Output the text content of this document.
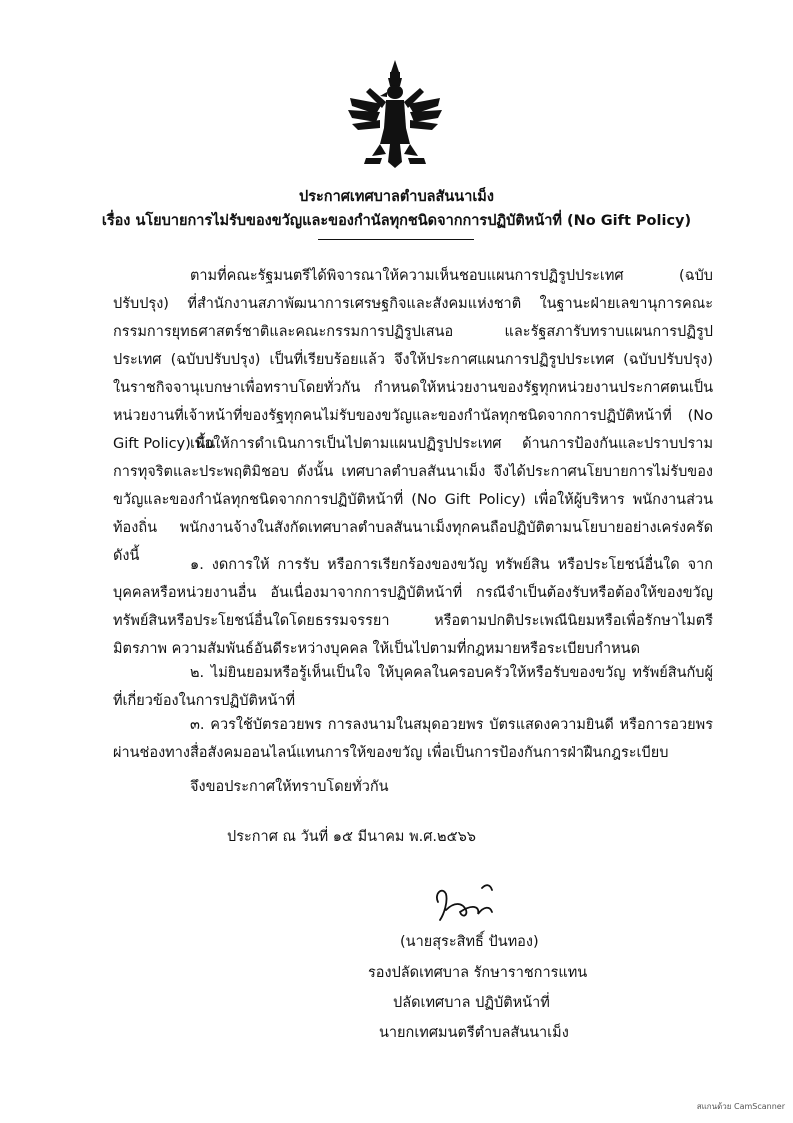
ประกาศเทศบาลตำบลสันนาเม็ง
เรื่อง นโยบายการไม่รับของขวัญและของกำนัลทุกชนิดจากการปฏิบัติหน้าที่ (No Gift Policy)

ตามที่คณะรัฐมนตรีได้พิจารณาให้ความเห็นชอบแผนการปฏิรูปประเทศ (ฉบับปรับปรุง) ที่สำนักงานสภาพัฒนาการเศรษฐกิจและสังคมแห่งชาติ ในฐานะฝ่ายเลขานุการคณะกรรมการยุทธศาสตร์ชาติและคณะกรรมการปฏิรูปเสนอ และรัฐสภารับทราบแผนการปฏิรูปประเทศ (ฉบับปรับปรุง) เป็นที่เรียบร้อยแล้ว จึงให้ประกาศแผนการปฏิรูปประเทศ (ฉบับปรับปรุง) ในราชกิจจานุเบกษาเพื่อทราบโดยทั่วกัน กำหนดให้หน่วยงานของรัฐทุกหน่วยงานประกาศตนเป็นหน่วยงานที่เจ้าหน้าที่ของรัฐทุกคนไม่รับของขวัญและของกำนัลทุกชนิดจากการปฏิบัติหน้าที่ (No Gift Policy) นั้น

เพื่อให้การดำเนินการเป็นไปตามแผนปฏิรูปประเทศ ด้านการป้องกันและปราบปรามการทุจริตและประพฤติมิชอบ ดังนั้น เทศบาลตำบลสันนาเม็ง จึงได้ประกาศนโยบายการไม่รับของขวัญและของกำนัลทุกชนิดจากการปฏิบัติหน้าที่ (No Gift Policy) เพื่อให้ผู้บริหาร พนักงานส่วนท้องถิ่น พนักงานจ้างในสังกัดเทศบาลตำบลสันนาเม็งทุกคนถือปฏิบัติตามนโยบายอย่างเคร่งครัด ดังนี้

๑. งดการให้ การรับ หรือการเรียกร้องของขวัญ ทรัพย์สิน หรือประโยชน์อื่นใด จากบุคคลหรือหน่วยงานอื่น อันเนื่องมาจากการปฏิบัติหน้าที่ กรณีจำเป็นต้องรับหรือต้องให้ของขวัญ ทรัพย์สินหรือประโยชน์อื่นใดโดยธรรมจรรยา หรือตามปกติประเพณีนิยมหรือเพื่อรักษาไมตรี มิตรภาพ ความสัมพันธ์อันดีระหว่างบุคคล ให้เป็นไปตามที่กฎหมายหรือระเบียบกำหนด

๒. ไม่ยินยอมหรือรู้เห็นเป็นใจ ให้บุคคลในครอบครัวให้หรือรับของขวัญ ทรัพย์สินกับผู้ที่เกี่ยวข้องในการปฏิบัติหน้าที่

๓. ควรใช้บัตรอวยพร การลงนามในสมุดอวยพร บัตรแสดงความยินดี หรือการอวยพรผ่านช่องทางสื่อสังคมออนไลน์แทนการให้ของขวัญ เพื่อเป็นการป้องกันการฝ่าฝืนกฎระเบียบ

จึงขอประกาศให้ทราบโดยทั่วกัน
ประกาศ ณ วันที่ ๑๕ มีนาคม พ.ศ.๒๕๖๖
(นายสุระสิทธิ์ ปันทอง)
รองปลัดเทศบาล รักษาราชการแทน
ปลัดเทศบาล ปฏิบัติหน้าที่
นายกเทศมนตรีตำบลสันนาเม็ง
สแกนด้วย CamScanner
